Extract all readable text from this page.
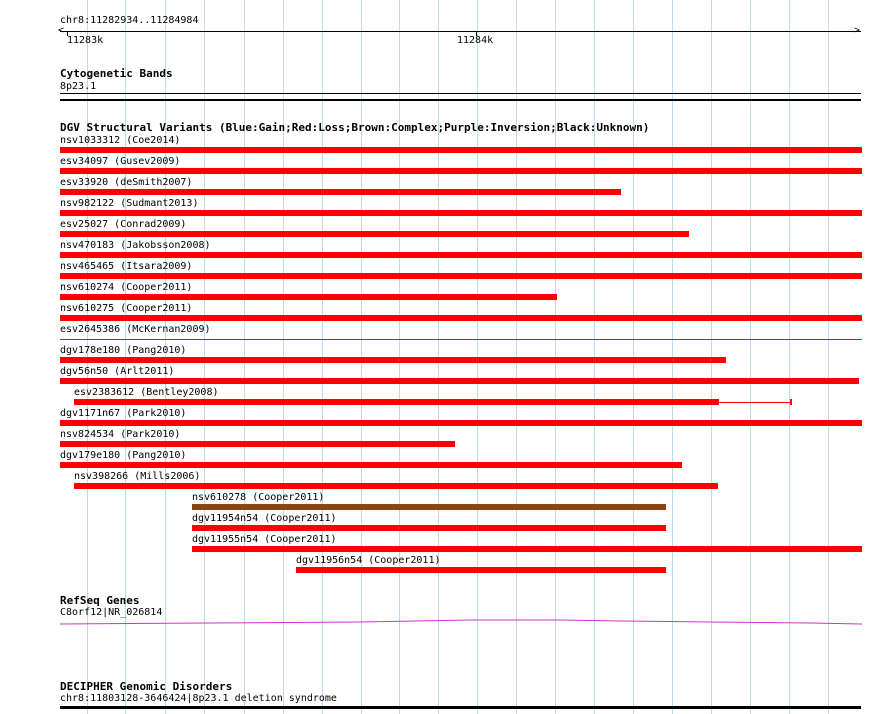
chr8:11282934..11284984
<	>
11283k	11284k
Cytogenetic Bands
8p23.1
DGV Structural Variants (Blue:Gain;Red:Loss;Brown:Complex;Purple:Inversion;Black:Unknown)
nsv1033312 (Coe2014)
esv34097 (Gusev2009)
esv33920 (deSmith2007)
nsv982122 (Sudmant2013)
esv25027 (Conrad2009)
nsv470183 (Jakobsson2008)
nsv465465 (Itsara2009)
nsv610274 (Cooper2011)
nsv610275 (Cooper2011)
esv2645386 (McKernan2009)
dgv178e180 (Pang2010)
dgv56n50 (Arlt2011)
esv2383612 (Bentley2008)
dgv1171n67 (Park2010)
nsv824534 (Park2010)
dgv179e180 (Pang2010)
nsv398266 (Mills2006)
nsv610278 (Cooper2011)
dgv11954n54 (Cooper2011)
dgv11955n54 (Cooper2011)
dgv11956n54 (Cooper2011)
RefSeq Genes
C8orf12|NR_026814
DECIPHER Genomic Disorders
chr8:11803128-3646424|8p23.1 deletion syndrome
